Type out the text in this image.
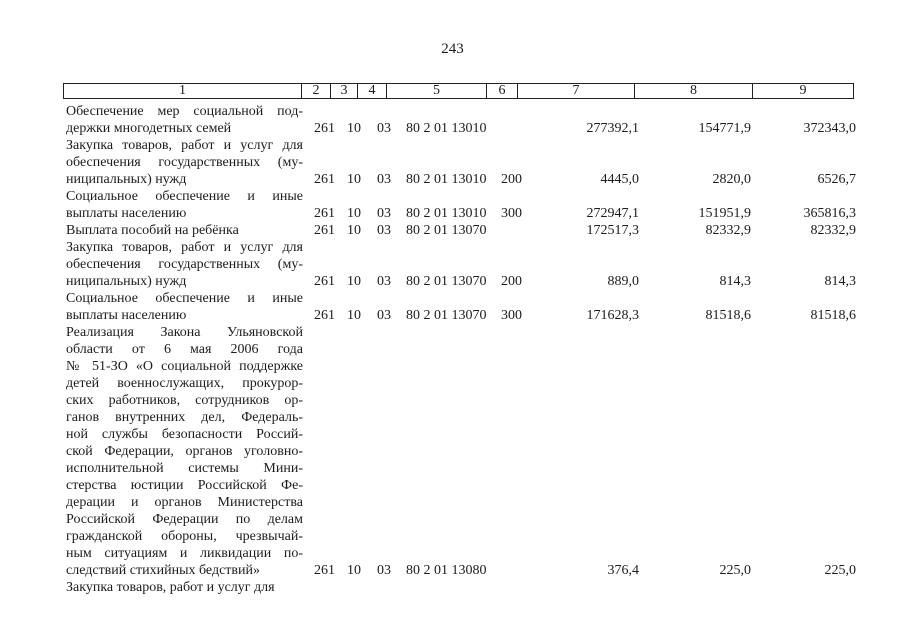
243
1	2	3	4	5	6	7	8	9
Обеспечение мер социальной под-
держки многодетных семей	261 10 03 80 2 01 13010	277392,1	154771,9	372343,0
Закупка товаров, работ и услуг для
обеспечения государственных (му-
ниципальных) нужд	261 10 03 80 2 01 13010 200	4445,0	2820,0	6526,7
Социальное обеспечение и иные
выплаты населению	261 10 03 80 2 01 13010 300	272947,1	151951,9	365816,3
Выплата пособий на ребёнка	261 10 03 80 2 01 13070	172517,3	82332,9	82332,9
Закупка товаров, работ и услуг для
обеспечения государственных (му-
ниципальных) нужд	261 10 03 80 2 01 13070 200	889,0	814,3	814,3
Социальное обеспечение и иные
выплаты населению	261 10 03 80 2 01 13070 300	171628,3	81518,6	81518,6
Реализация Закона Ульяновской
области от 6 мая 2006 года
№ 51-ЗО «О социальной поддержке
детей военнослужащих, прокурор-
ских работников, сотрудников ор-
ганов внутренних дел, Федераль-
ной службы безопасности Россий-
ской Федерации, органов уголовно-
исполнительной системы Мини-
стерства юстиции Российской Фе-
дерации и органов Министерства
Российской Федерации по делам
гражданской обороны, чрезвычай-
ным ситуациям и ликвидации по-
следствий стихийных бедствий»	261 10 03 80 2 01 13080	376,4	225,0	225,0
Закупка товаров, работ и услуг для
